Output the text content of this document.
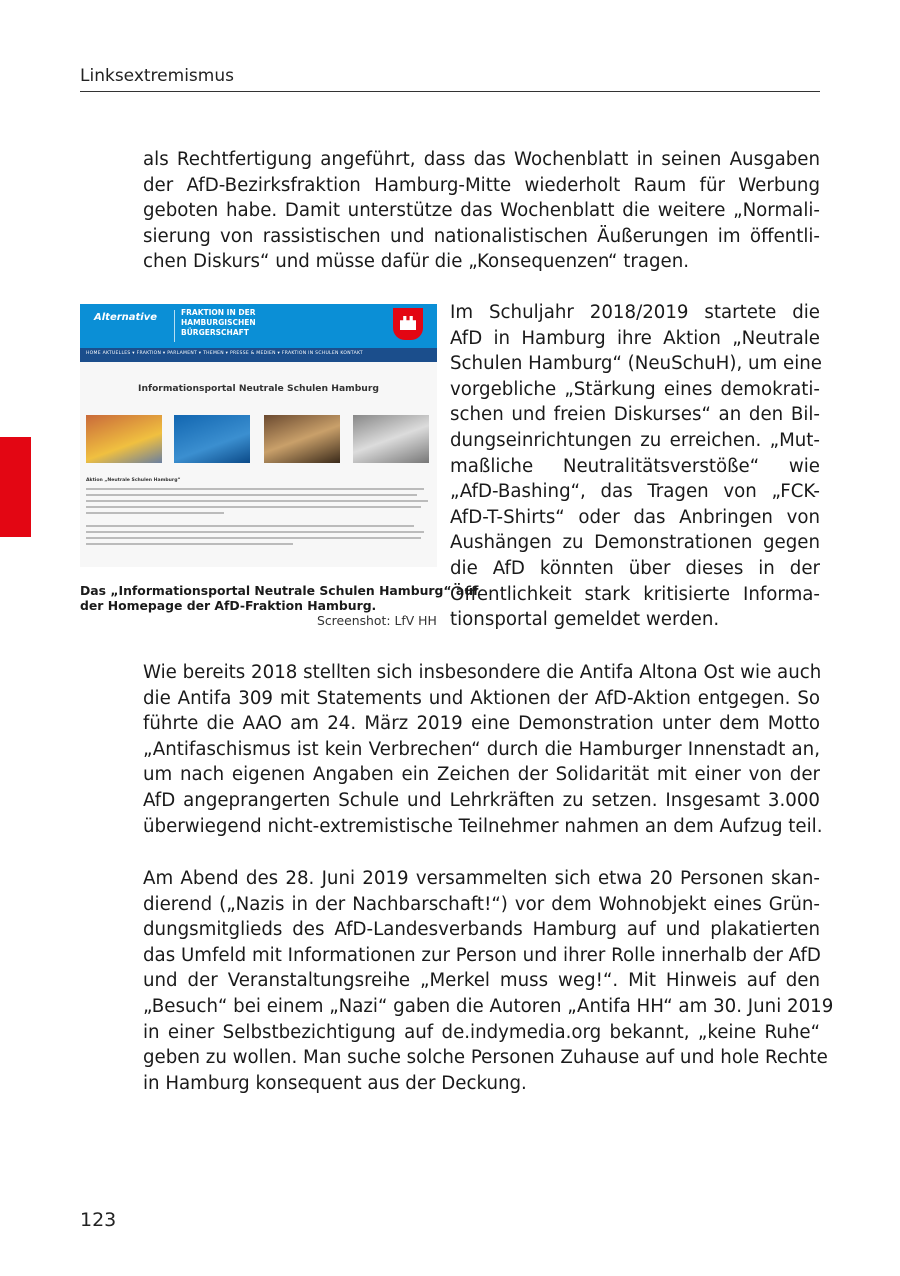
Linksextremismus

als Rechtfertigung angeführt, dass das Wochenblatt in seinen Ausgaben
der AfD-Bezirksfraktion Hamburg-Mitte wiederholt Raum für Werbung
geboten habe. Damit unterstütze das Wochenblatt die weitere „Normali-
sierung von rassistischen und nationalistischen Äußerungen im öffentli-
chen Diskurs“ und müsse dafür die „Konsequenzen“ tragen.

Alternative	FRAKTION IN DER
HAMBURGISCHEN
BÜRGERSCHAFT
HOME AKTUELLES ▾ FRAKTION ▾ PARLAMENT ▾ THEMEN ▾ PRESSE & MEDIEN ▾ FRAKTION IN SCHULEN KONTAKT
Informationsportal Neutrale Schulen Hamburg
Aktion „Neutrale Schulen Hamburg“
Das „Informationsportal Neutrale Schulen Hamburg“ auf
der Homepage der AfD-Fraktion Hamburg.
Screenshot: LfV HH

Im Schuljahr 2018/2019 startete die
AfD in Hamburg ihre Aktion „Neutrale
Schulen Hamburg“ (NeuSchuH), um eine
vorgebliche „Stärkung eines demokrati-
schen und freien Diskurses“ an den Bil-
dungseinrichtungen zu erreichen. „Mut-
maßliche Neutralitätsverstöße“ wie
„AfD-Bashing“, das Tragen von „FCK-
AfD-T-Shirts“ oder das Anbringen von
Aushängen zu Demonstrationen gegen
die AfD könnten über dieses in der
Öffentlichkeit stark kritisierte Informa-
tionsportal gemeldet werden.

Wie bereits 2018 stellten sich insbesondere die Antifa Altona Ost wie auch
die Antifa 309 mit Statements und Aktionen der AfD-Aktion entgegen. So
führte die AAO am 24. März 2019 eine Demonstration unter dem Motto
„Antifaschismus ist kein Verbrechen“ durch die Hamburger Innenstadt an,
um nach eigenen Angaben ein Zeichen der Solidarität mit einer von der
AfD angeprangerten Schule und Lehrkräften zu setzen. Insgesamt 3.000
überwiegend nicht-extremistische Teilnehmer nahmen an dem Aufzug teil.

Am Abend des 28. Juni 2019 versammelten sich etwa 20 Personen skan-
dierend („Nazis in der Nachbarschaft!“) vor dem Wohnobjekt eines Grün-
dungsmitglieds des AfD-Landesverbands Hamburg auf und plakatierten
das Umfeld mit Informationen zur Person und ihrer Rolle innerhalb der AfD
und der Veranstaltungsreihe „Merkel muss weg!“. Mit Hinweis auf den
„Besuch“ bei einem „Nazi“ gaben die Autoren „Antifa HH“ am 30. Juni 2019
in einer Selbstbezichtigung auf de.indymedia.org bekannt, „keine Ruhe“
geben zu wollen. Man suche solche Personen Zuhause auf und hole Rechte
in Hamburg konsequent aus der Deckung.

123
